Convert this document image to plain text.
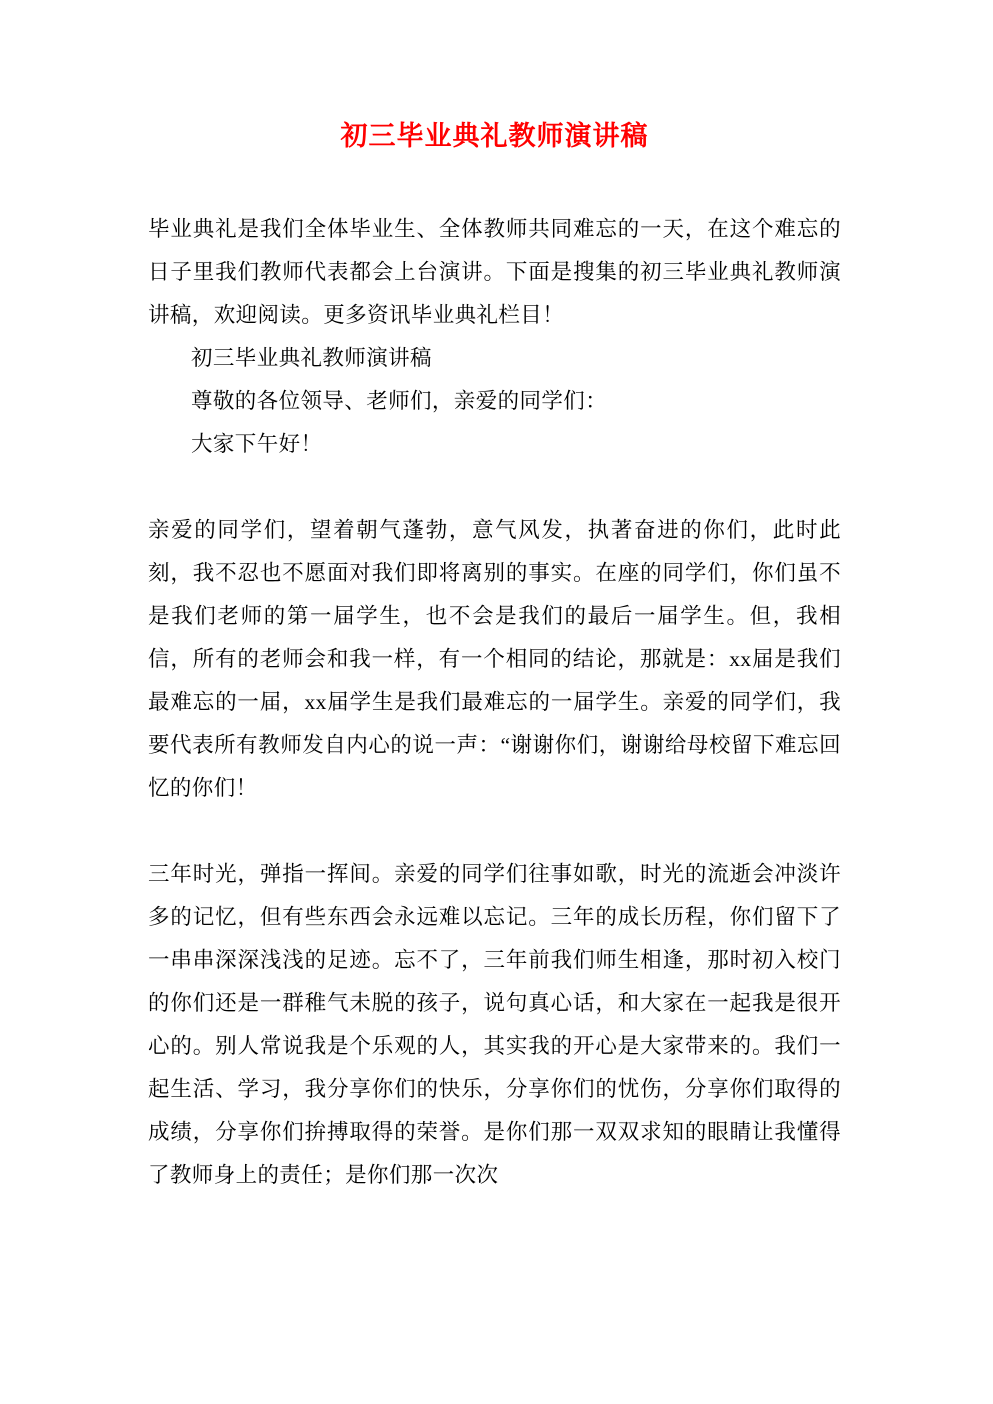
初三毕业典礼教师演讲稿

毕业典礼是我们全体毕业生、全体教师共同难忘的一天，在这个难忘的日子里我们教师代表都会上台演讲。下面是搜集的初三毕业典礼教师演讲稿，欢迎阅读。更多资讯毕业典礼栏目！

初三毕业典礼教师演讲稿

尊敬的各位领导、老师们，亲爱的同学们：

大家下午好！

亲爱的同学们，望着朝气蓬勃，意气风发，执著奋进的你们，此时此刻，我不忍也不愿面对我们即将离别的事实。在座的同学们，你们虽不是我们老师的第一届学生，也不会是我们的最后一届学生。但，我相信，所有的老师会和我一样，有一个相同的结论，那就是：xx届是我们最难忘的一届，xx届学生是我们最难忘的一届学生。亲爱的同学们，我要代表所有教师发自内心的说一声：“谢谢你们，谢谢给母校留下难忘回忆的你们！

三年时光，弹指一挥间。亲爱的同学们往事如歌，时光的流逝会冲淡许多的记忆，但有些东西会永远难以忘记。三年的成长历程，你们留下了一串串深深浅浅的足迹。忘不了，三年前我们师生相逢，那时初入校门的你们还是一群稚气未脱的孩子，说句真心话，和大家在一起我是很开心的。别人常说我是个乐观的人，其实我的开心是大家带来的。我们一起生活、学习，我分享你们的快乐，分享你们的忧伤，分享你们取得的成绩，分享你们拚搏取得的荣誉。是你们那一双双求知的眼睛让我懂得了教师身上的责任；是你们那一次次
